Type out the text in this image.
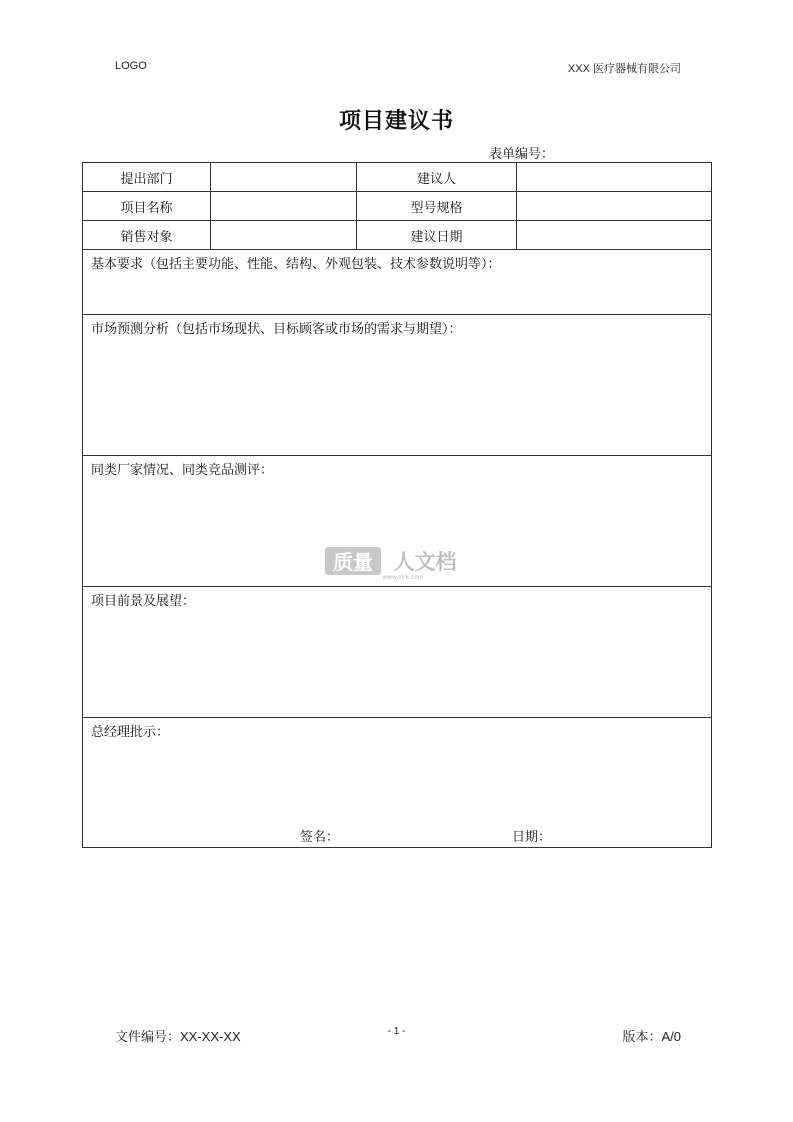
LOGO	XXX 医疗器械有限公司
项目建议书
表单编号：
提出部门		建议人	
项目名称		型号规格	
销售对象		建议日期	
基本要求（包括主要功能、性能、结构、外观包装、技术参数说明等）：			
市场预测分析（包括市场现状、目标顾客或市场的需求与期望）：			
同类厂家情况、同类竞品测评：			
项目前景及展望：			
总经理批示：
签名： 日期：			
质量 人文档
www.zlrk.com
文件编号：XX-XX-XX	- 1 -	版本：A/0
